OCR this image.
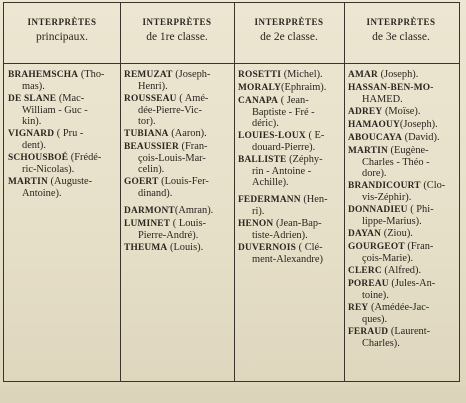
INTERPRÈTES
principaux.
INTERPRÈTES
de 1re classe.
INTERPRÈTES
de 2e classe.
INTERPRÈTES
de 3e classe.
BRAHEMSCHA (Tho-
mas).
DE SLANE (Mac-
William - Guc -
kin).
VIGNARD ( Pru -
dent).
SCHOUSBOÉ (Frédé-
ric-Nicolas).
MARTIN (Auguste-
Antoine).
REMUZAT (Joseph-
Henri).
ROUSSEAU ( Amé-
dée-Pierre-Vic-
tor).
TUBIANA (Aaron).
BEAUSSIER (Fran-
çois-Louis-Mar-
celin).
GOERT (Louis-Fer-
dinand).
DARMONT(Amran).
LUMINET ( Louis-
Pierre-André).
THEUMA (Louis).
ROSETTI (Michel).
MORALY(Ephraim).
CANAPA ( Jean-
Baptiste - Fré -
déric).
LOUIES-LOUX ( E-
douard-Pierre).
BALLISTE (Zéphy-
rin - Antoine -
Achille).
FEDERMANN (Hen-
ri).
HENON (Jean-Bap-
tiste-Adrien).
DUVERNOIS ( Clé-
ment-Alexandre)
AMAR (Joseph).
HASSAN-BEN-MO-
HAMED.
ADREY (Moïse).
HAMAOUY(Joseph).
ABOUCAYA (David).
MARTIN (Eugène-
Charles - Théo -
dore).
BRANDICOURT (Clo-
vis-Zéphir).
DONNADIEU ( Phi-
lippe-Marius).
DAYAN (Ziou).
GOURGEOT (Fran-
çois-Marie).
CLERC (Alfred).
POREAU (Jules-An-
toine).
REY (Amédée-Jac-
ques).
FERAUD (Laurent-
Charles).
